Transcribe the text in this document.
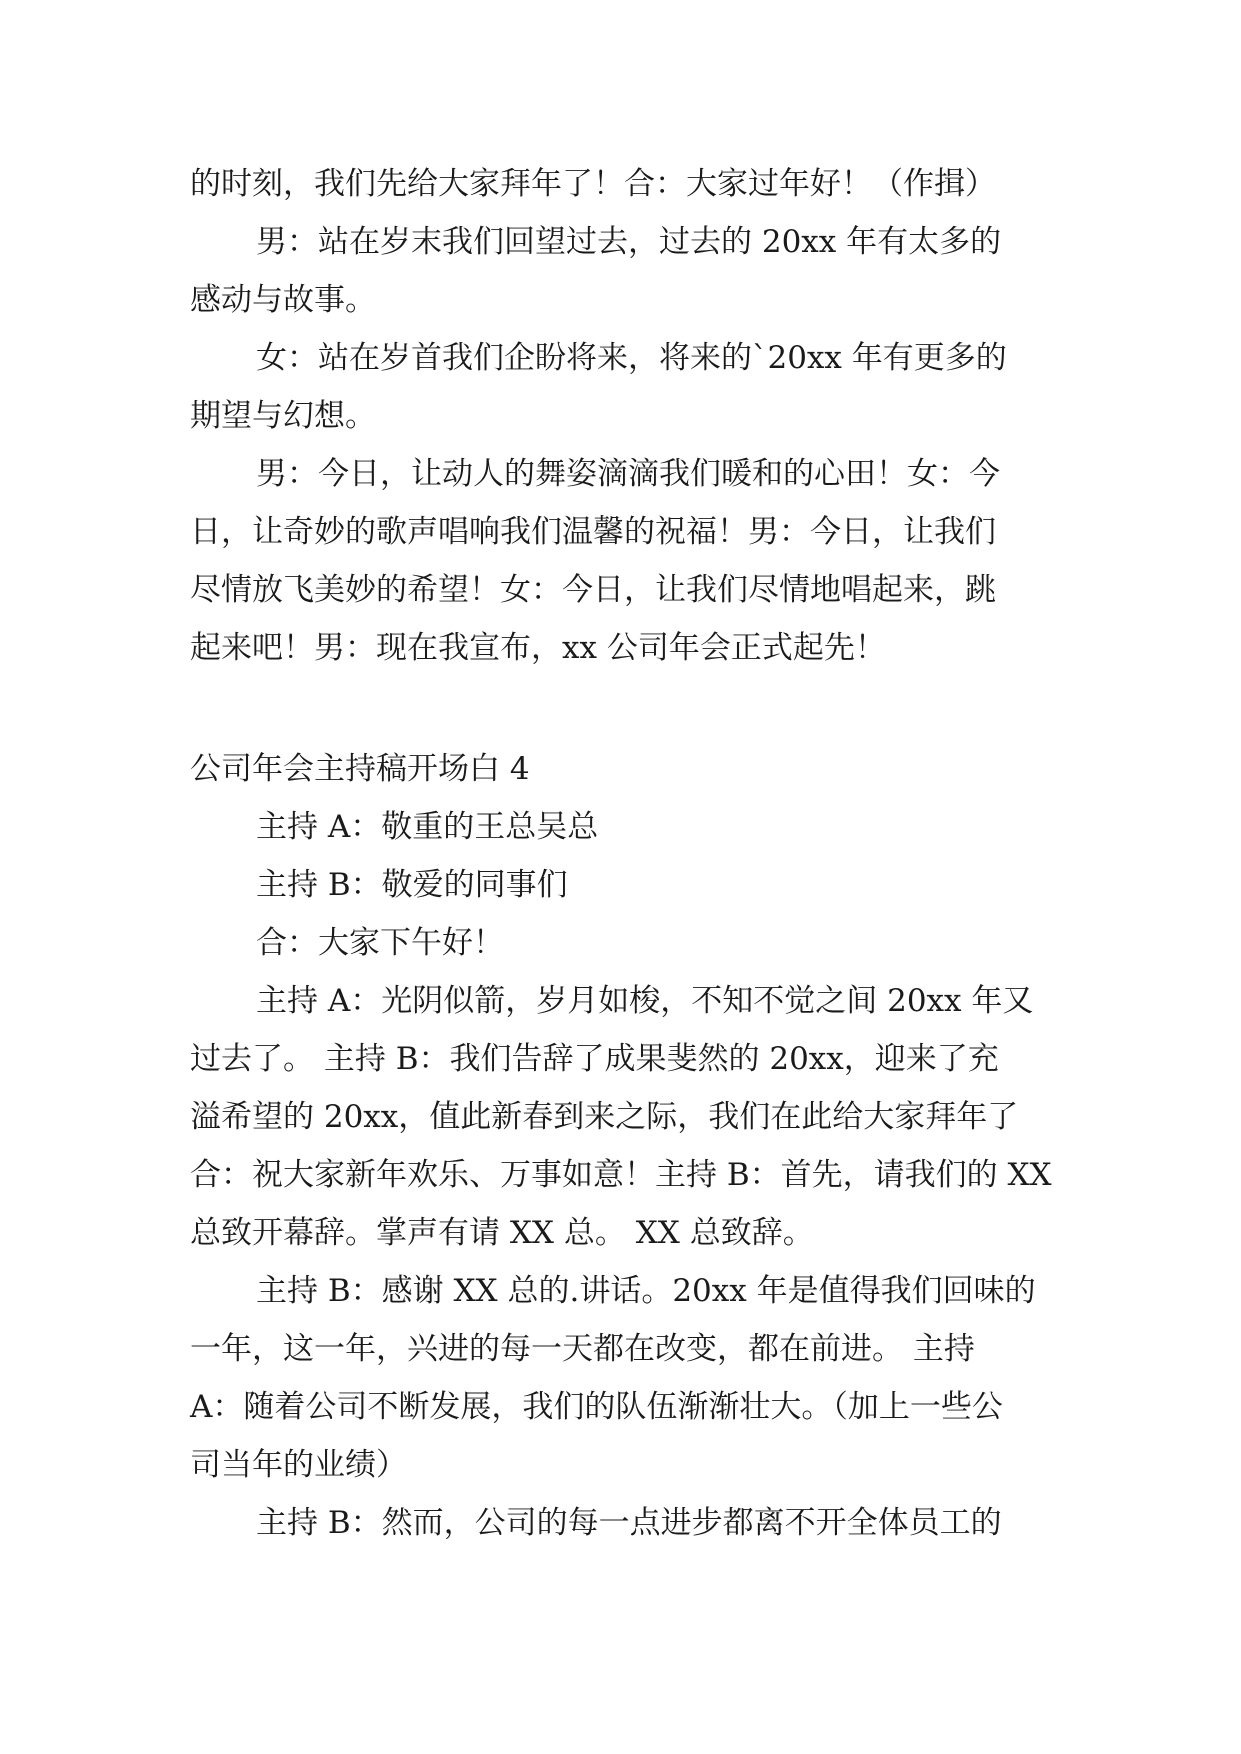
的时刻，我们先给大家拜年了！合：大家过年好！（作揖）
男：站在岁末我们回望过去，过去的 20xx 年有太多的
感动与故事。
女：站在岁首我们企盼将来，将来的`20xx 年有更多的
期望与幻想。
男：今日，让动人的舞姿滴滴我们暖和的心田！女：今
日，让奇妙的歌声唱响我们温馨的祝福！男：今日，让我们
尽情放飞美妙的希望！女：今日，让我们尽情地唱起来，跳
起来吧！男：现在我宣布，xx 公司年会正式起先！
公司年会主持稿开场白 4
主持 A：敬重的王总吴总
主持 B：敬爱的同事们
合：大家下午好！
主持 A：光阴似箭，岁月如梭，不知不觉之间 20xx 年又
过去了。 主持 B：我们告辞了成果斐然的 20xx，迎来了充
溢希望的 20xx，值此新春到来之际，我们在此给大家拜年了
合：祝大家新年欢乐、万事如意！主持 B：首先，请我们的 XX
总致开幕辞。掌声有请 XX 总。 XX 总致辞。
主持 B：感谢 XX 总的.讲话。20xx 年是值得我们回味的
一年，这一年，兴进的每一天都在改变，都在前进。 主持
A：随着公司不断发展，我们的队伍渐渐壮大。（加上一些公
司当年的业绩）
主持 B：然而，公司的每一点进步都离不开全体员工的
